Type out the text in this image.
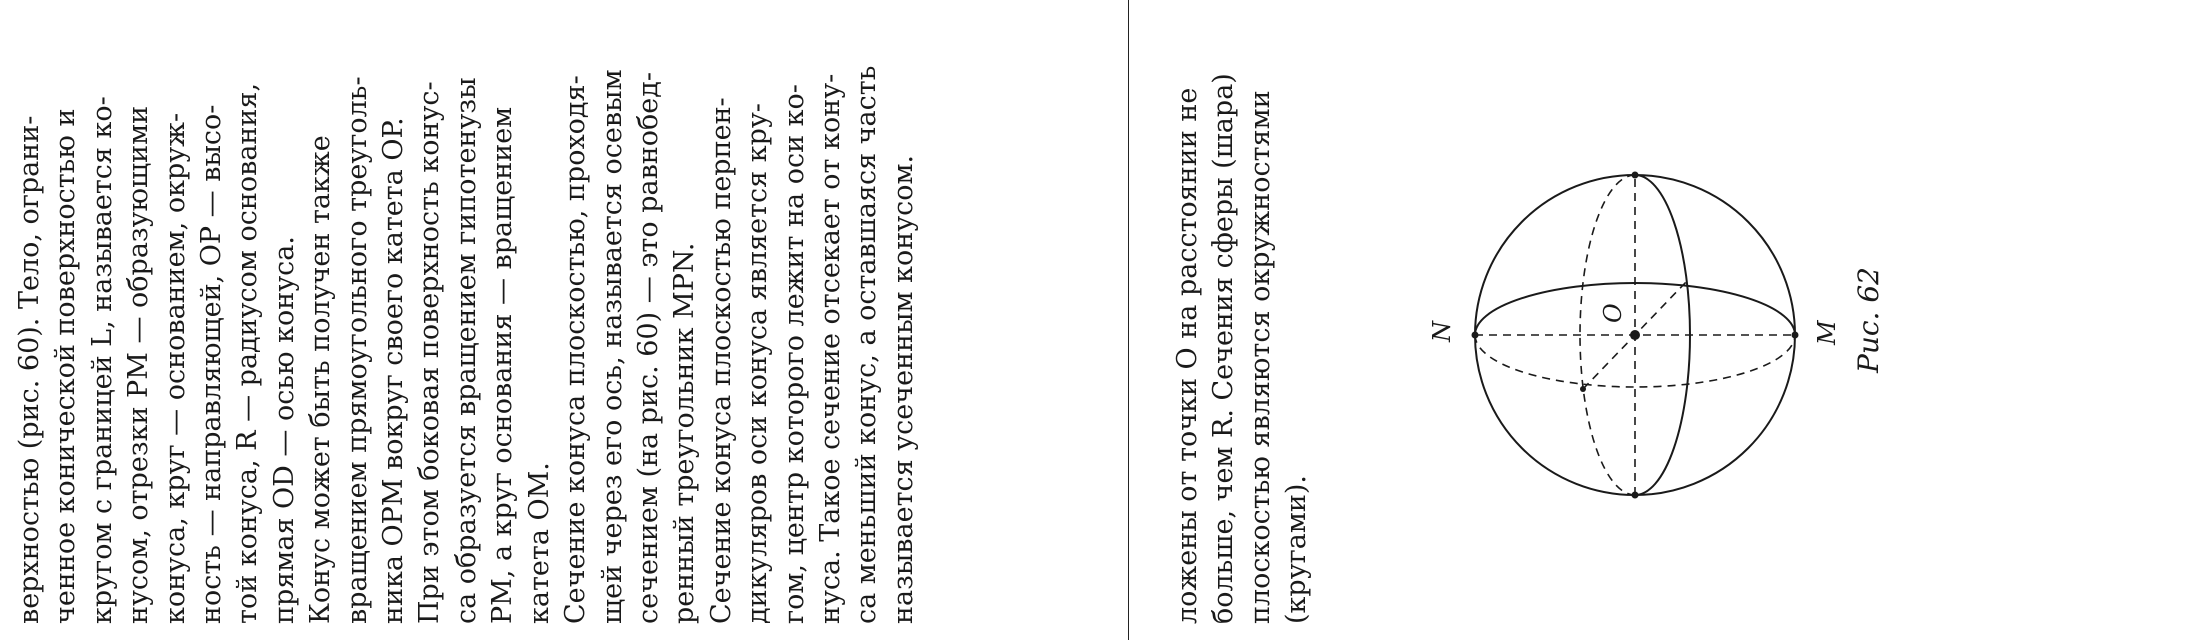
верхностью (рис. 60). Тело, ограни- ченное конической поверхностью и кругом с границей L, называется ко- нусом, отрезки PM — образующими конуса, круг — основанием, окруж- ность — направляющей, OP — высо- той конуса, R — радиусом основания, прямая OD — осью конуса. Конус может быть получен также вращением прямоугольного треуголь- ника OPM вокруг своего катета OP. При этом боковая поверхность конус- са образуется вращением гипотенузы PM, а круг основания — вращением катета OM. Сечение конуса плоскостью, проходя- щей через его ось, называется осевым сечением (на рис. 60) — это равнобед- ренный треугольник MPN. Сечение конуса плоскостью перпен- дикуляров оси конуса является кру- гом, центр которого лежит на оси ко- нуса. Такое сечение отсекает от кону- са меньший конус, а оставшаяся часть называется усеченным конусом.	ложены от точки O на расстоянии не больше, чем R. Сечения сферы (шара) плоскостью являются окружностями (кругами).
N	M
O	Рис. 62
